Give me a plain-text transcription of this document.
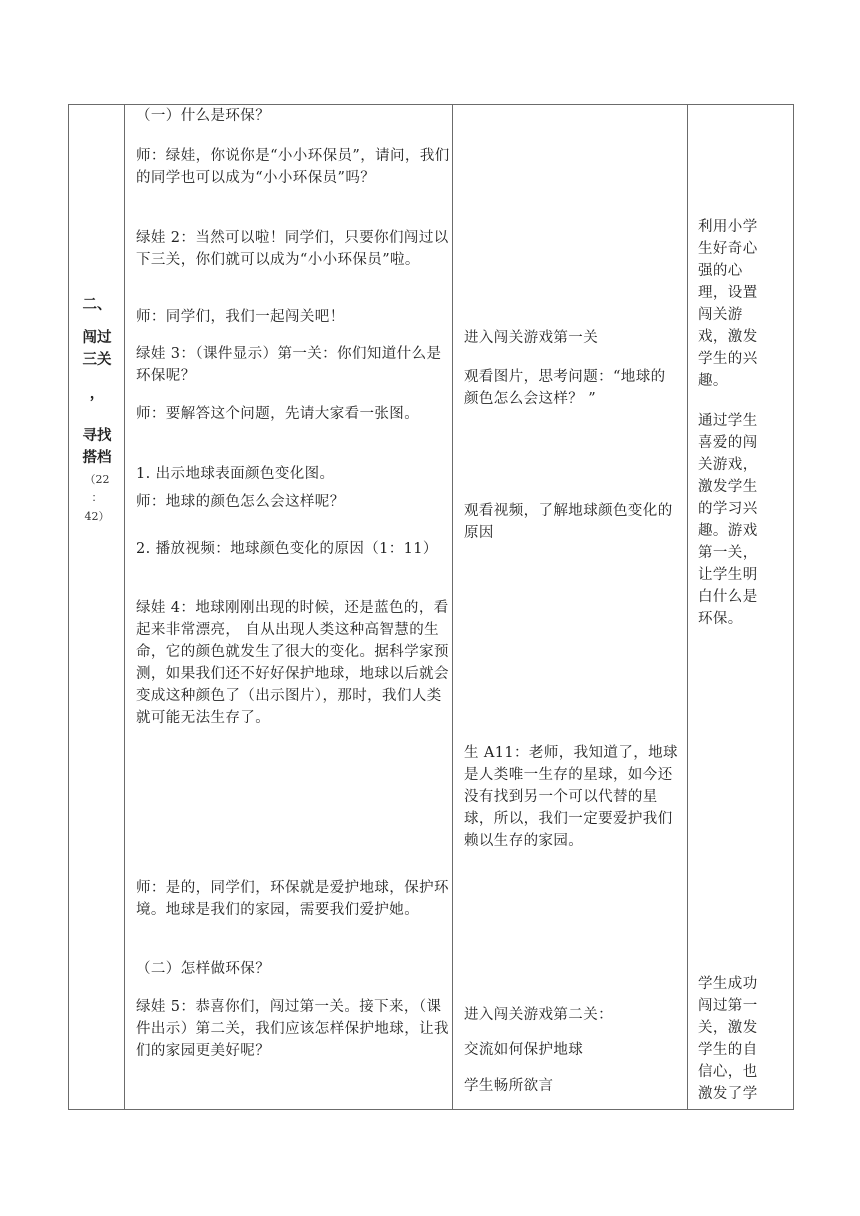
二、
闯过
三关
，
寻找
搭档
（22
：
42）
（一）什么是环保？
师：绿娃，你说你是“小小环保员”，请问，我们的同学也可以成为“小小环保员”吗？
绿娃 2：当然可以啦！同学们，只要你们闯过以下三关，你们就可以成为“小小环保员”啦。
师：同学们，我们一起闯关吧！
绿娃 3：（课件显示）第一关：你们知道什么是环保呢？
师：要解答这个问题，先请大家看一张图。
1. 出示地球表面颜色变化图。
师：地球的颜色怎么会这样呢？
2. 播放视频：地球颜色变化的原因（1：11）
绿娃 4：地球刚刚出现的时候，还是蓝色的，看起来非常漂亮， 自从出现人类这种高智慧的生命，它的颜色就发生了很大的变化。据科学家预测，如果我们还不好好保护地球，地球以后就会变成这种颜色了（出示图片），那时，我们人类就可能无法生存了。
师：是的，同学们，环保就是爱护地球，保护环境。地球是我们的家园，需要我们爱护她。
（二）怎样做环保？
绿娃 5：恭喜你们，闯过第一关。接下来，（课件出示）第二关，我们应该怎样保护地球，让我们的家园更美好呢？
进入闯关游戏第一关
观看图片，思考问题：“地球的颜色怎么会这样？ ”
观看视频，了解地球颜色变化的原因
生 A11：老师，我知道了，地球是人类唯一生存的星球，如今还没有找到另一个可以代替的星球，所以，我们一定要爱护我们赖以生存的家园。
进入闯关游戏第二关：
交流如何保护地球
学生畅所欲言
利用小学生好奇心强的心理，设置闯关游戏，激发学生的兴趣。
通过学生喜爱的闯关游戏，激发学生的学习兴趣。游戏第一关，让学生明白什么是环保。
学生成功闯过第一关，激发学生的自信心，也激发了学
